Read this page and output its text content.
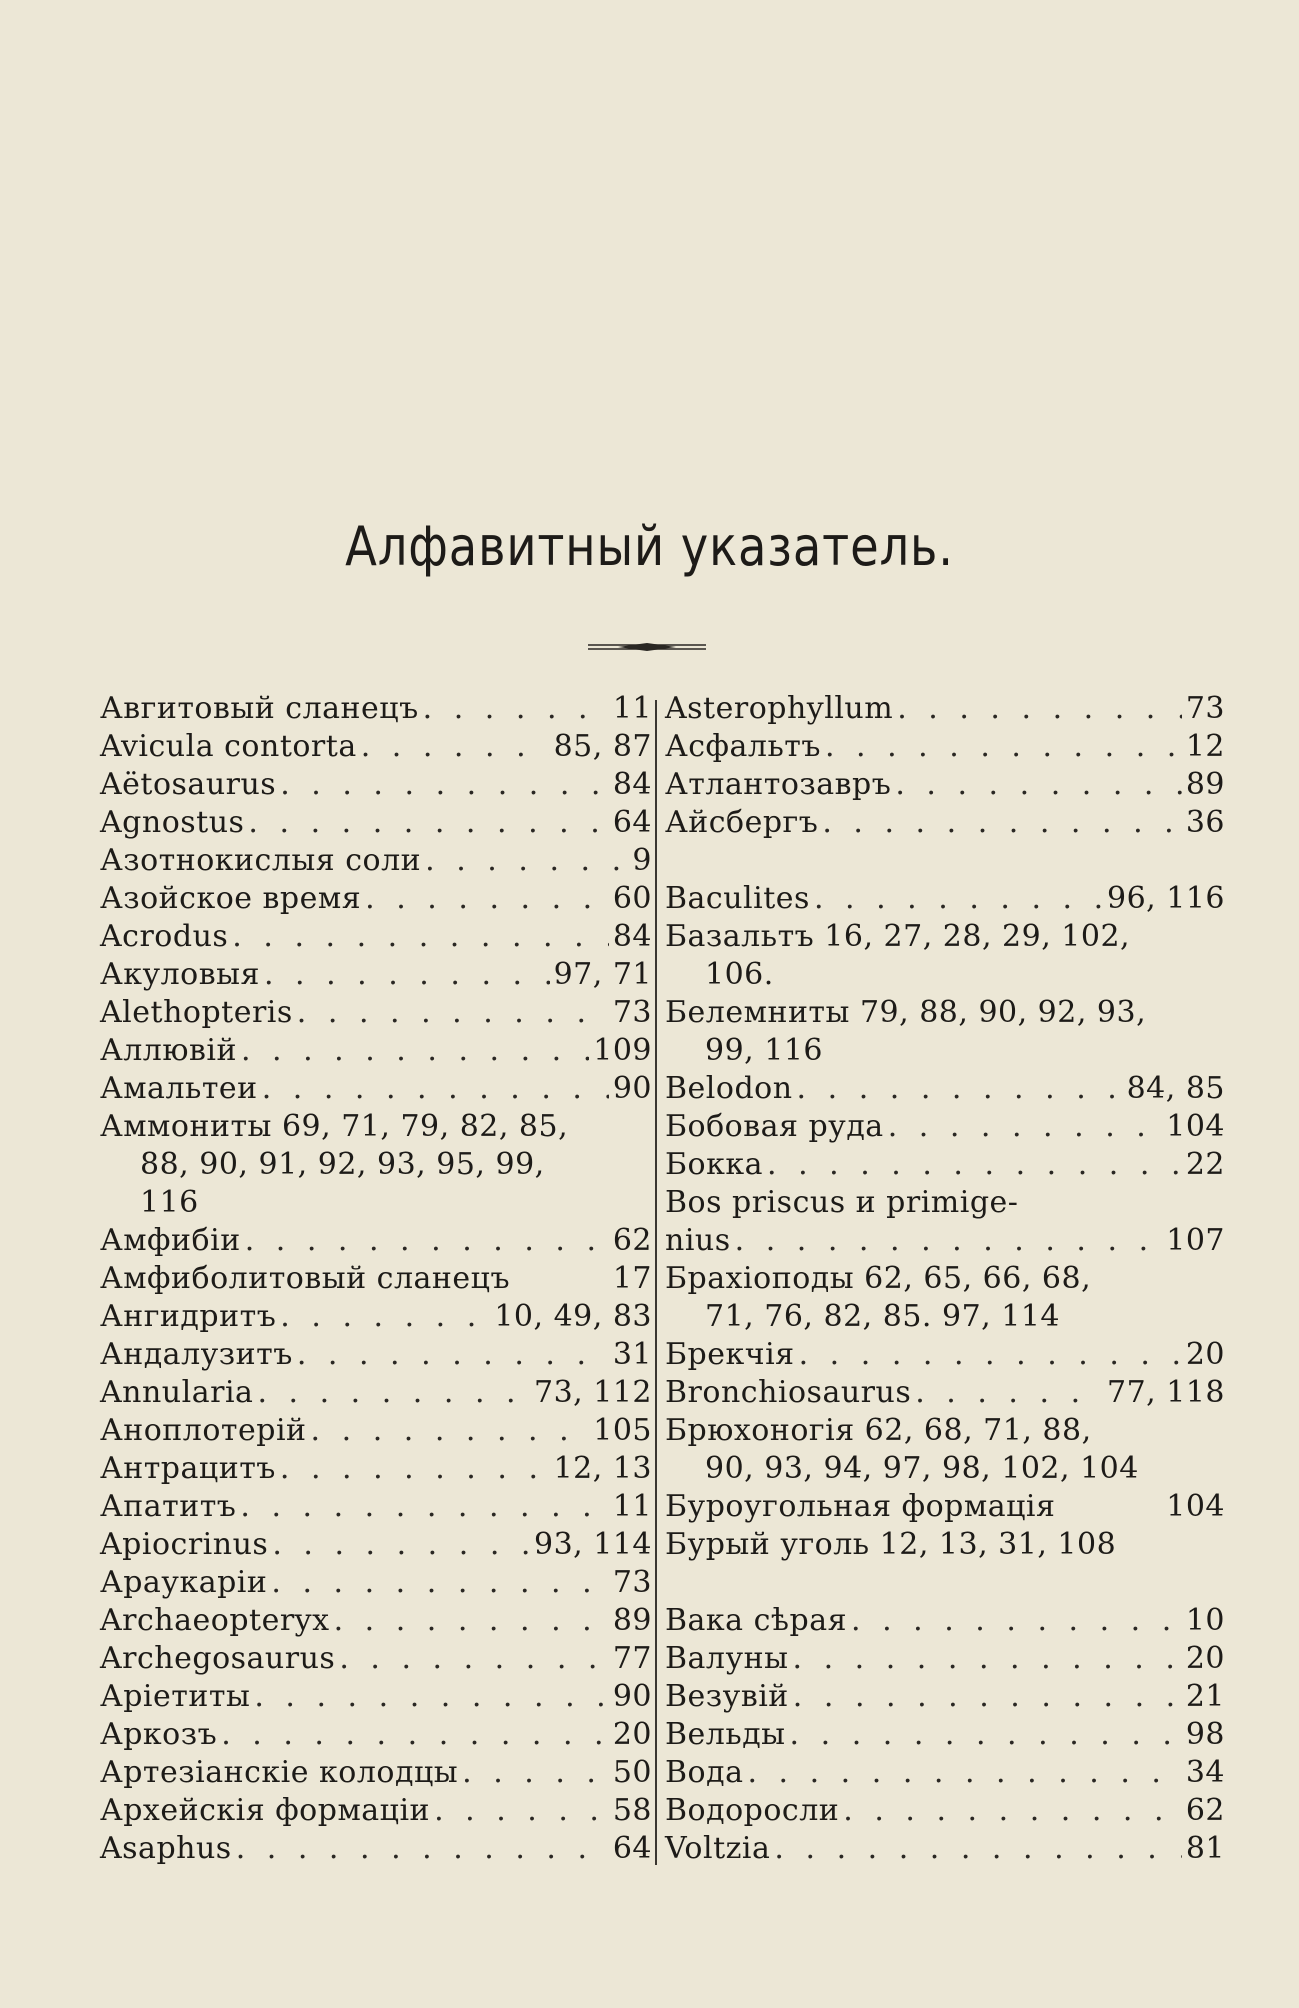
Алфавитный указатель.
Авгитовый сланецъ . . .	11
Avicula contorta . . .	85, 87
Aëtosaurus . . .	84
Agnostus . . .	64
Азотнокислыя соли . . .	9
Азойское время . . .	60
Acrodus . . .	84
Акуловыя . . .	97, 71
Alethopteris . . .	73
Аллювій . . .	109
Амальтеи . . .	90
Аммониты 69, 71, 79, 82, 85,
88, 90, 91, 92, 93, 95, 99,
116
Амфибіи . . .	62
Амфиболитовый сланецъ	17
Ангидритъ . . .	10, 49, 83
Андалузитъ . . .	31
Annularia . . .	73, 112
Аноплотерій . . .	105
Антрацитъ . . .	12, 13
Апатитъ . . .	11
Apiocrinus . . .	93, 114
Араукаріи . . .	73
Archaeopteryx . . .	89
Archegosaurus . . .	77
Аріетиты . . .	90
Аркозъ . . .	20
Артезіанскіе колодцы . . .	50
Архейскія формаціи . . .	58
Asaphus . . .	64
Asterophyllum . . .	73
Асфальтъ . . .	12
Атлантозавръ . . .	89
Айсбергъ . . .	36
Baculites . . .	96, 116
Базальтъ 16, 27, 28, 29, 102,
106.
Белемниты 79, 88, 90, 92, 93,
99, 116
Belodon . . .	84, 85
Бобовая руда . . .	104
Бокка . . .	22
Bos priscus и primige-
nius . . .	107
Брахіоподы 62, 65, 66, 68,
71, 76, 82, 85. 97, 114
Брекчія . . .	20
Bronchiosaurus . . .	77, 118
Брюхоногія 62, 68, 71, 88,
90, 93, 94, 97, 98, 102, 104
Буроугольная формація	104
Бурый уголь 12, 13, 31, 108
Вака сѣрая . . .	10
Валуны . . .	20
Везувій . . .	21
Вельды . . .	98
Вода . . .	34
Водоросли . . .	62
Voltzia . . .	81
